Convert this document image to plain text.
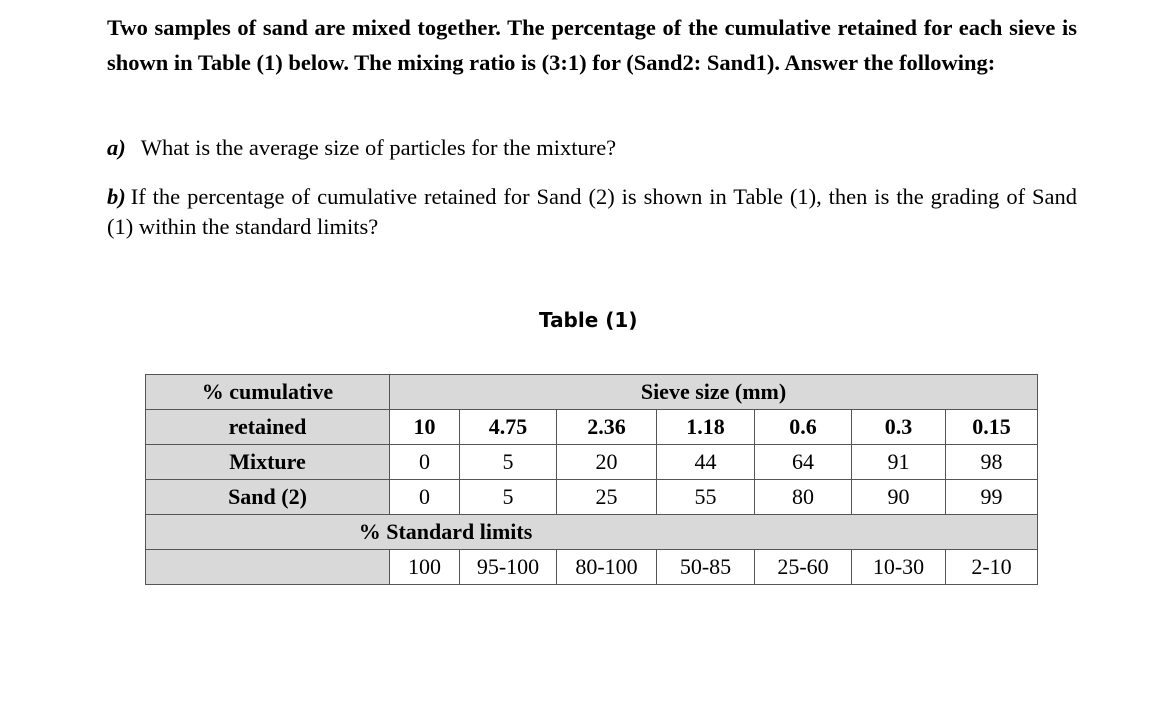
Two samples of sand are mixed together. The percentage of the cumulative retained for each sieve is shown in Table (1) below. The mixing ratio is (3:1) for (Sand2: Sand1). Answer the following:

a) What is the average size of particles for the mixture?

b) If the percentage of cumulative retained for Sand (2) is shown in Table (1), then is the grading of Sand (1) within the standard limits?

Table (1)
% cumulative	Sieve size (mm)						
retained	10	4.75	2.36	1.18	0.6	0.3	0.15
Mixture	0	5	20	44	64	91	98
Sand (2)	0	5	25	55	80	90	99
% Standard limits							
	100	95-100	80-100	50-85	25-60	10-30	2-10
